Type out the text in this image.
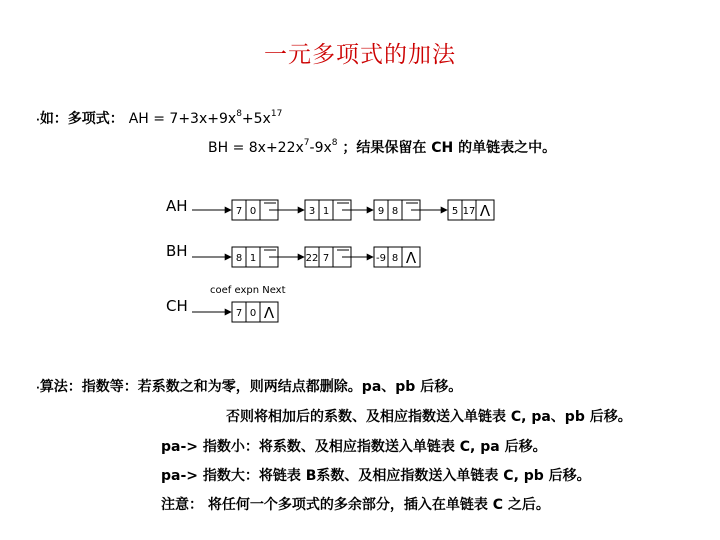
一元多项式的加法
·如：多项式： AH = $7+3x+9x^8+5x^{17}$
BH = $8x+22x^7-9x^8$ ；结果保留在 CH 的单链表之中。
AH
BH
CH
7 0	3 1	9 8	5 17 Λ
8 1	22 7	-9 8 Λ
7 0 Λ
coef expn Next
·算法：指数等：若系数之和为零，则两结点都删除。pa、pb 后移。
否则将相加后的系数、及相应指数送入单链表 C, pa、pb 后移。
pa-> 指数小：将系数、及相应指数送入单链表 C, pa 后移。
pa-> 指数大：将链表 B系数、及相应指数送入单链表 C, pb 后移。
注意： 将任何一个多项式的多余部分，插入在单链表 C 之后。
